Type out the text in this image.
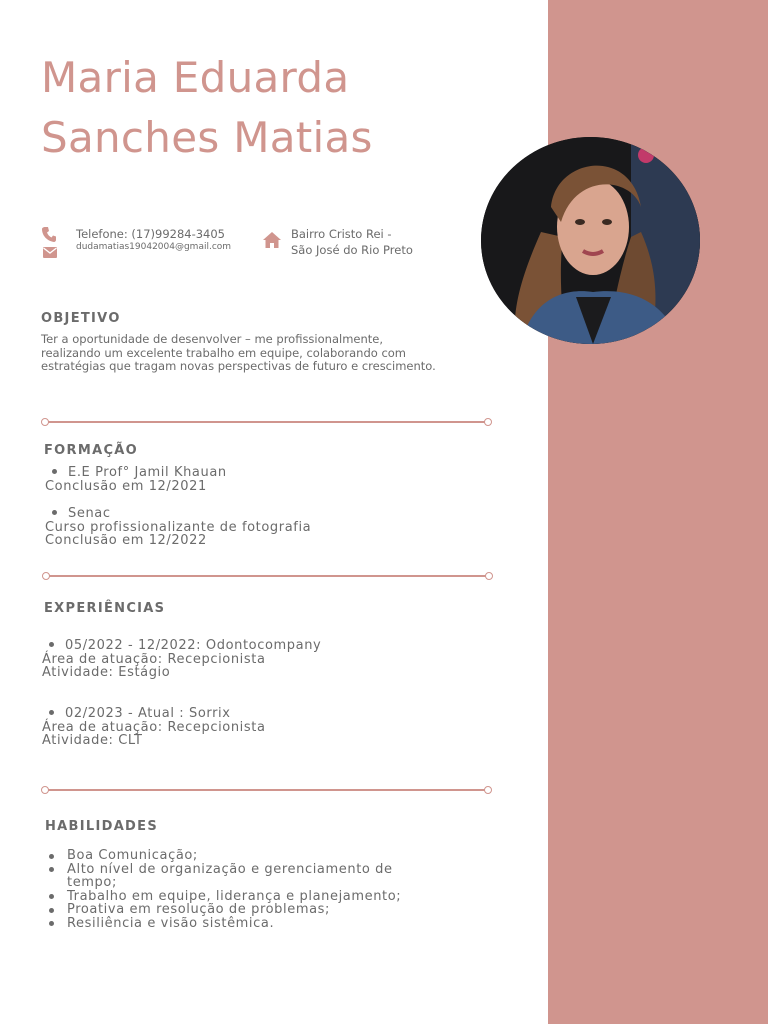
Maria Eduarda
Sanches Matias
Telefone: (17)99284-3405
dudamatias19042004@gmail.com
Bairro Cristo Rei -
São José do Rio Preto
OBJETIVO

Ter a oportunidade de desenvolver – me profissionalmente, realizando um excelente trabalho em equipe, colaborando com estratégias que tragam novas perspectivas de futuro e crescimento.

FORMAÇÃO
E.E Prof° Jamil Khauan
Conclusão em 12/2021
Senac
Curso profissionalizante de fotografia
Conclusão em 12/2022
EXPERIÊNCIAS
05/2022 - 12/2022: Odontocompany
Área de atuação: Recepcionista
Atividade: Estágio
02/2023 - Atual : Sorrix
Área de atuação: Recepcionista
Atividade: CLT
HABILIDADES
Boa Comunicação;
Alto nível de organização e gerenciamento de tempo;
Trabalho em equipe, liderança e planejamento;
Proativa em resolução de problemas;
Resiliência e visão sistêmica.
